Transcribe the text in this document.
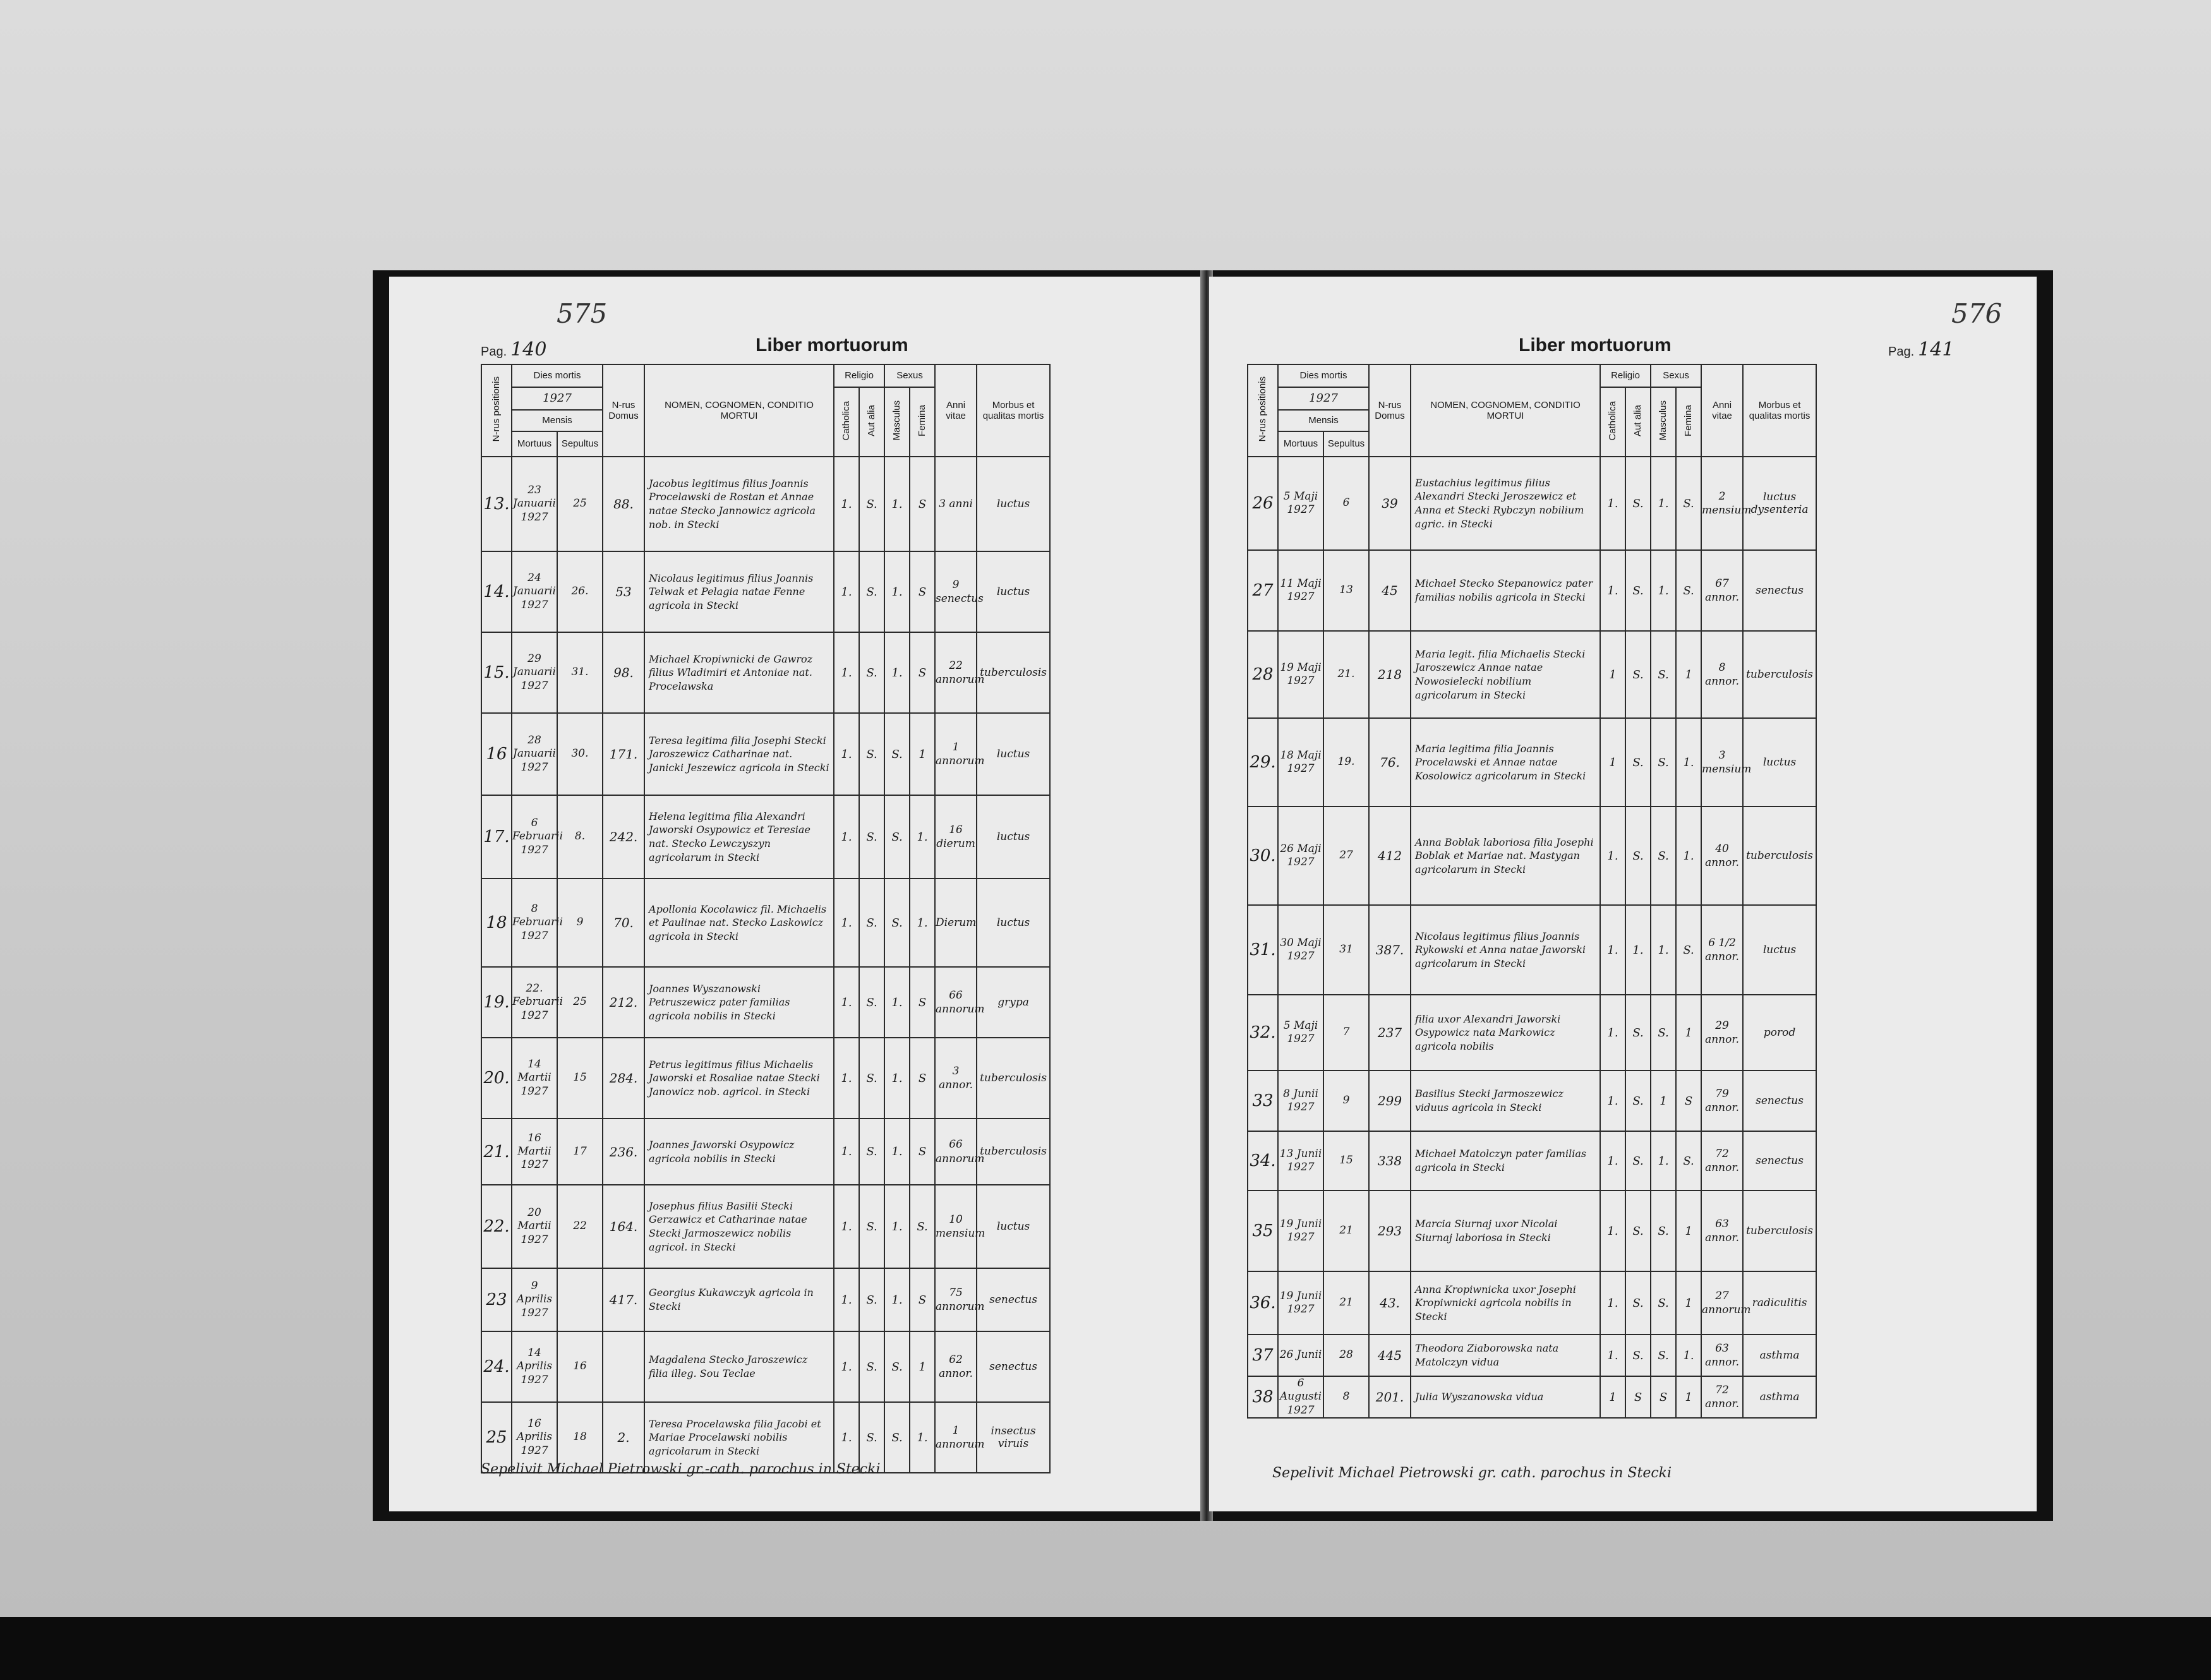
575
Pag. 140	Liber mortuorum
N-rus positionis	Dies mortis		N-rus Domus	NOMEN, COGNOMEN, CONDITIO MORTUI	Religio		Sexus		Anni vitae	Morbus et qualitas mortis
	1927				Catholica	Aut alia	Masculus	Femina		
	Mensis									
	Mortuus	Sepultus								
13.	23 Januarii 1927	25	88.	Jacobus legitimus filius Joannis Procelawski de Rostan et Annae natae Stecko Jannowicz agricola nob. in Stecki	1.	S.	1.	S	3 anni	luctus
14.	24 Januarii 1927	26.	53	Nicolaus legitimus filius Joannis Telwak et Pelagia natae Fenne agricola in Stecki	1.	S.	1.	S	9 senectus	luctus
15.	29 Januarii 1927	31.	98.	Michael Kropiwnicki de Gawroz filius Wladimiri et Antoniae nat. Procelawska	1.	S.	1.	S	22 annorum	tuberculosis
16	28 Januarii 1927	30.	171.	Teresa legitima filia Josephi Stecki Jaroszewicz Catharinae nat. Janicki Jeszewicz agricola in Stecki	1.	S.	S.	1	1 annorum	luctus
17.	6 Februarii 1927	8.	242.	Helena legitima filia Alexandri Jaworski Osypowicz et Teresiae nat. Stecko Lewczyszyn agricolarum in Stecki	1.	S.	S.	1.	16 dierum	luctus
18	8 Februarii 1927	9	70.	Apollonia Kocolawicz fil. Michaelis et Paulinae nat. Stecko Laskowicz agricola in Stecki	1.	S.	S.	1.	Dierum	luctus
19.	22. Februarii 1927	25	212.	Joannes Wyszanowski Petruszewicz pater familias agricola nobilis in Stecki	1.	S.	1.	S	66 annorum	grypa
20.	14 Martii 1927	15	284.	Petrus legitimus filius Michaelis Jaworski et Rosaliae natae Stecki Janowicz nob. agricol. in Stecki	1.	S.	1.	S	3 annor.	tuberculosis
21.	16 Martii 1927	17	236.	Joannes Jaworski Osypowicz agricola nobilis in Stecki	1.	S.	1.	S	66 annorum	tuberculosis
22.	20 Martii 1927	22	164.	Josephus filius Basilii Stecki Gerzawicz et Catharinae natae Stecki Jarmoszewicz nobilis agricol. in Stecki	1.	S.	1.	S.	10 mensium	luctus
23	9 Aprilis 1927		417.	Georgius Kukawczyk agricola in Stecki	1.	S.	1.	S	75 annorum	senectus
24.	14 Aprilis 1927	16		Magdalena Stecko Jaroszewicz filia illeg. Sou Teclae	1.	S.	S.	1	62 annor.	senectus
25	16 Aprilis 1927	18	2.	Teresa Procelawska filia Jacobi et Mariae Procelawski nobilis agricolarum in Stecki	1.	S.	S.	1.	1 annorum	insectus viruis
Sepelivit Michael Pietrowski gr.-cath. parochus in Stecki
576
Pag. 141
Liber mortuorum
N-rus positionis	Dies mortis		N-rus Domus	NOMEN, COGNOMEM, CONDITIO MORTUI	Religio		Sexus		Anni vitae	Morbus et qualitas mortis
	1927				Catholica	Aut alia	Masculus	Femina		
	Mensis									
	Mortuus	Sepultus								
26	5 Maji 1927	6	39	Eustachius legitimus filius Alexandri Stecki Jeroszewicz et Anna et Stecki Rybczyn nobilium agric. in Stecki	1.	S.	1.	S.	2 mensium	luctus dysenteria
27	11 Maji 1927	13	45	Michael Stecko Stepanowicz pater familias nobilis agricola in Stecki	1.	S.	1.	S.	67 annor.	senectus
28	19 Maji 1927	21.	218	Maria legit. filia Michaelis Stecki Jaroszewicz Annae natae Nowosielecki nobilium agricolarum in Stecki	1	S.	S.	1	8 annor.	tuberculosis
29.	18 Maji 1927	19.	76.	Maria legitima filia Joannis Procelawski et Annae natae Kosolowicz agricolarum in Stecki	1	S.	S.	1.	3 mensium	luctus
30.	26 Maji 1927	27	412	Anna Boblak laboriosa filia Josephi Boblak et Mariae nat. Mastygan agricolarum in Stecki	1.	S.	S.	1.	40 annor.	tuberculosis
31.	30 Maji 1927	31	387.	Nicolaus legitimus filius Joannis Rykowski et Anna natae Jaworski agricolarum in Stecki	1.	1.	1.	S.	6 1/2 annor.	luctus
32.	5 Maji 1927	7	237	filia uxor Alexandri Jaworski Osypowicz nata Markowicz agricola nobilis	1.	S.	S.	1	29 annor.	porod
33	8 Junii 1927	9	299	Basilius Stecki Jarmoszewicz viduus agricola in Stecki	1.	S.	1	S	79 annor.	senectus
34.	13 Junii 1927	15	338	Michael Matolczyn pater familias agricola in Stecki	1.	S.	1.	S.	72 annor.	senectus
35	19 Junii 1927	21	293	Marcia Siurnaj uxor Nicolai Siurnaj laboriosa in Stecki	1.	S.	S.	1	63 annor.	tuberculosis
36.	19 Junii 1927	21	43.	Anna Kropiwnicka uxor Josephi Kropiwnicki agricola nobilis in Stecki	1.	S.	S.	1	27 annorum	radiculitis
37	26 Junii	28	445	Theodora Ziaborowska nata Matolczyn vidua	1.	S.	S.	1.	63 annor.	asthma
38	6 Augusti 1927	8	201.	Julia Wyszanowska vidua	1	S	S	1	72 annor.	asthma
Sepelivit Michael Pietrowski gr. cath. parochus in Stecki
